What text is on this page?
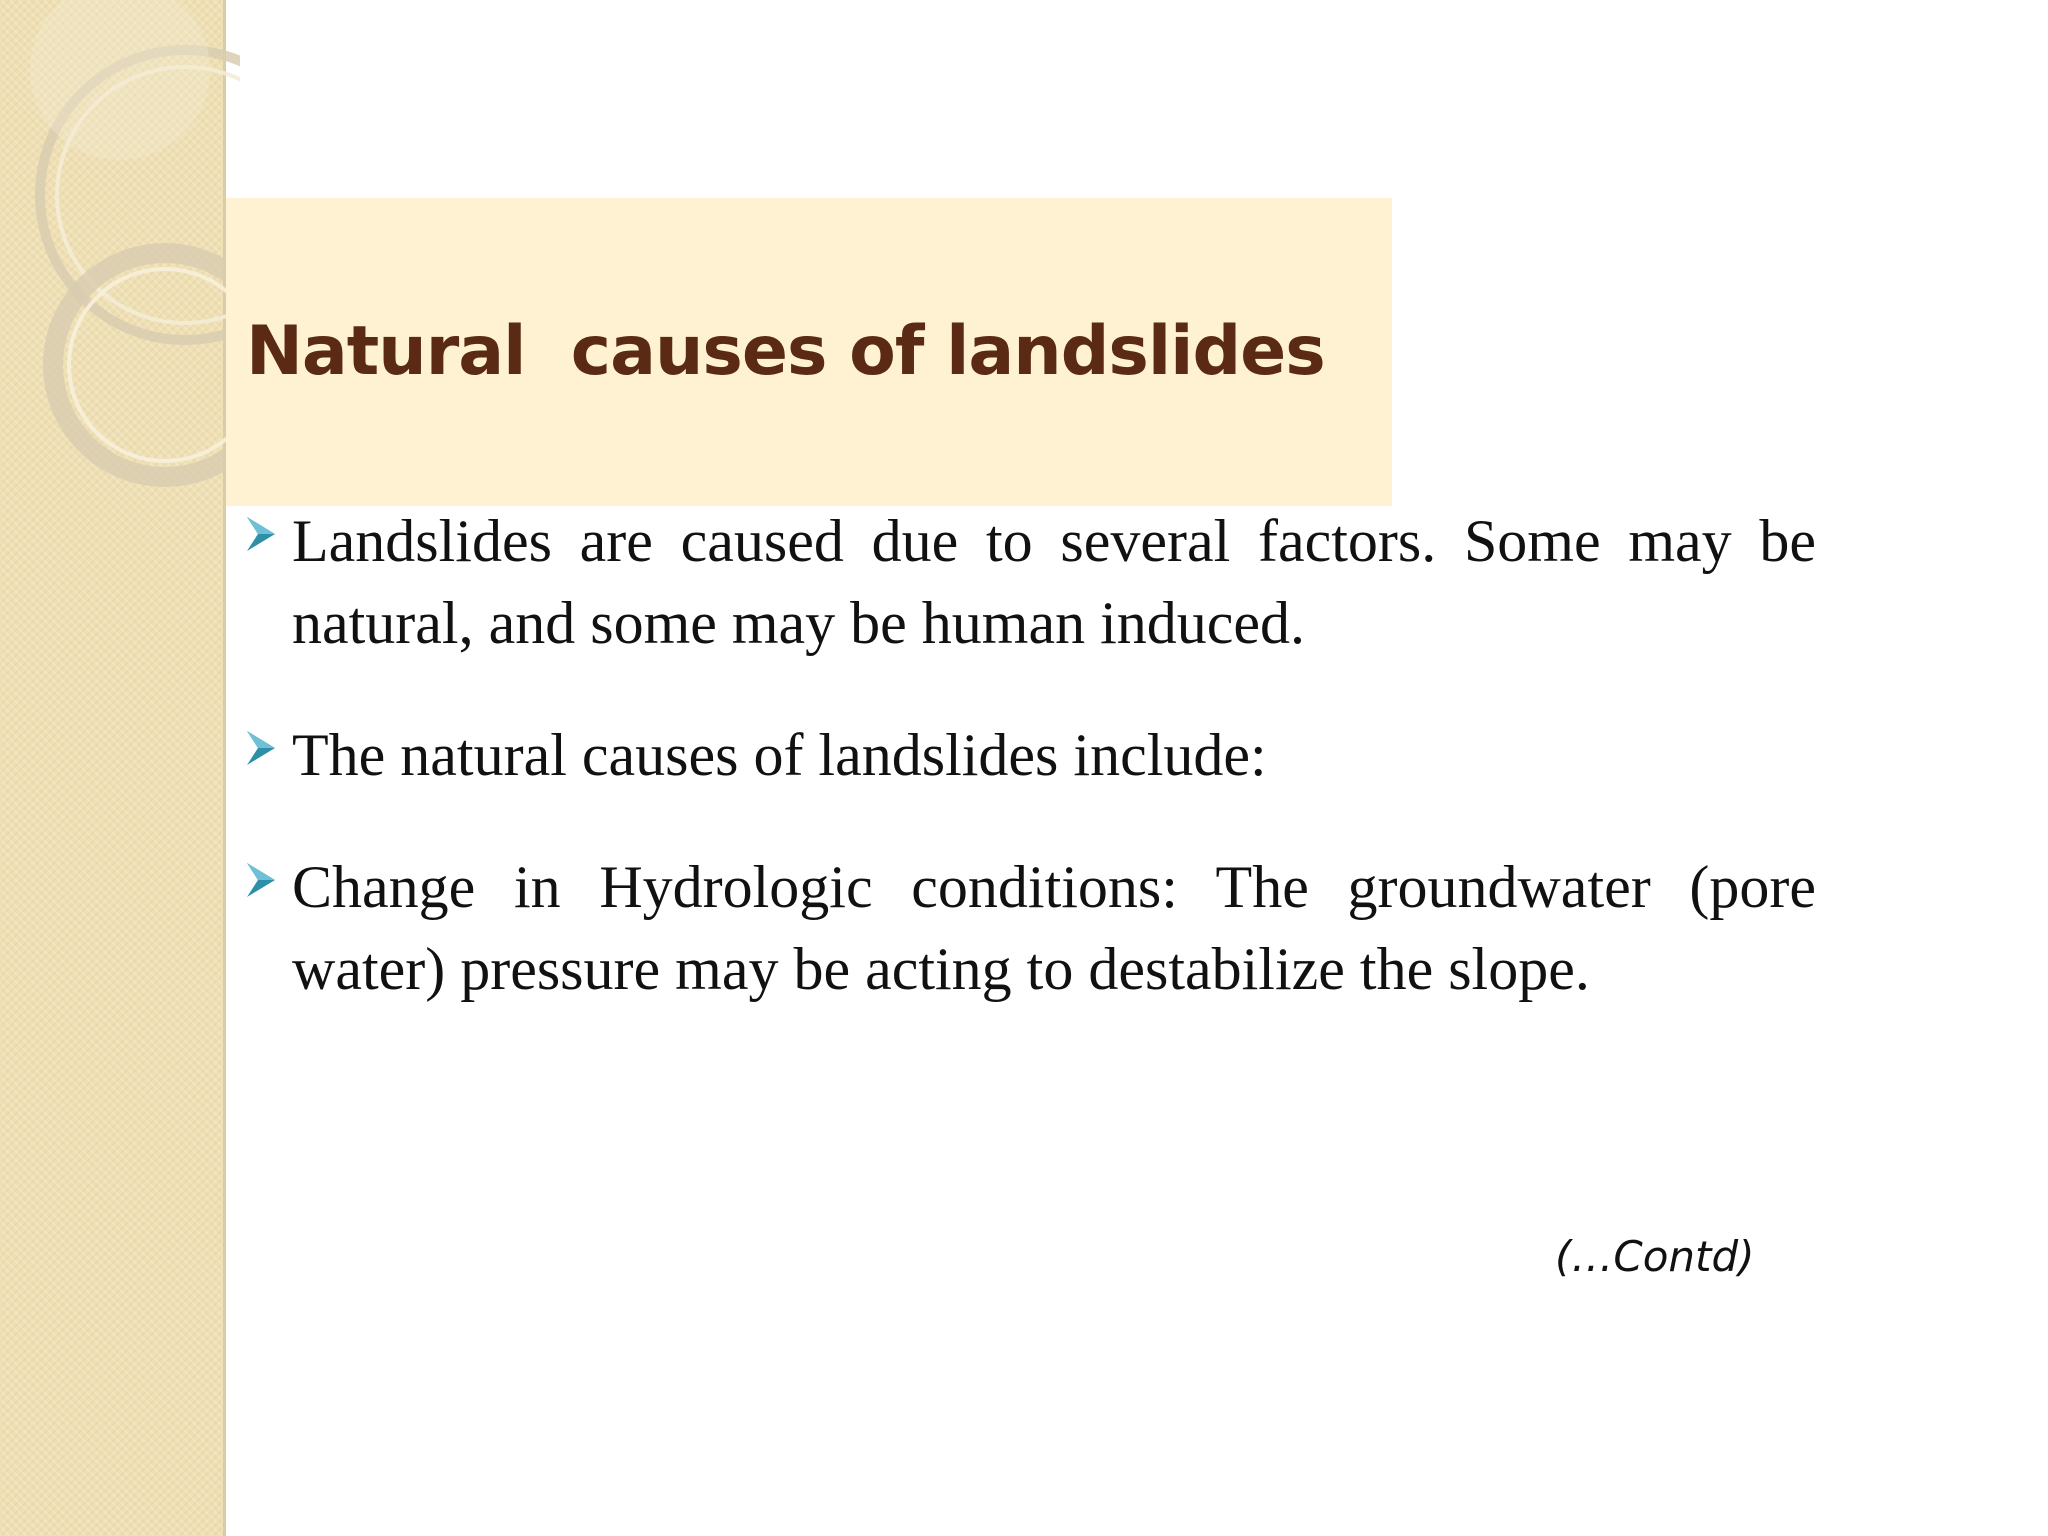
Natural  causes of landslides
Landslides are caused due to several factors. Some may be natural, and some may be human induced.
The natural causes of landslides include:
Change in Hydrologic conditions: The groundwater (pore water) pressure may be acting to destabilize the slope.
(…Contd)
